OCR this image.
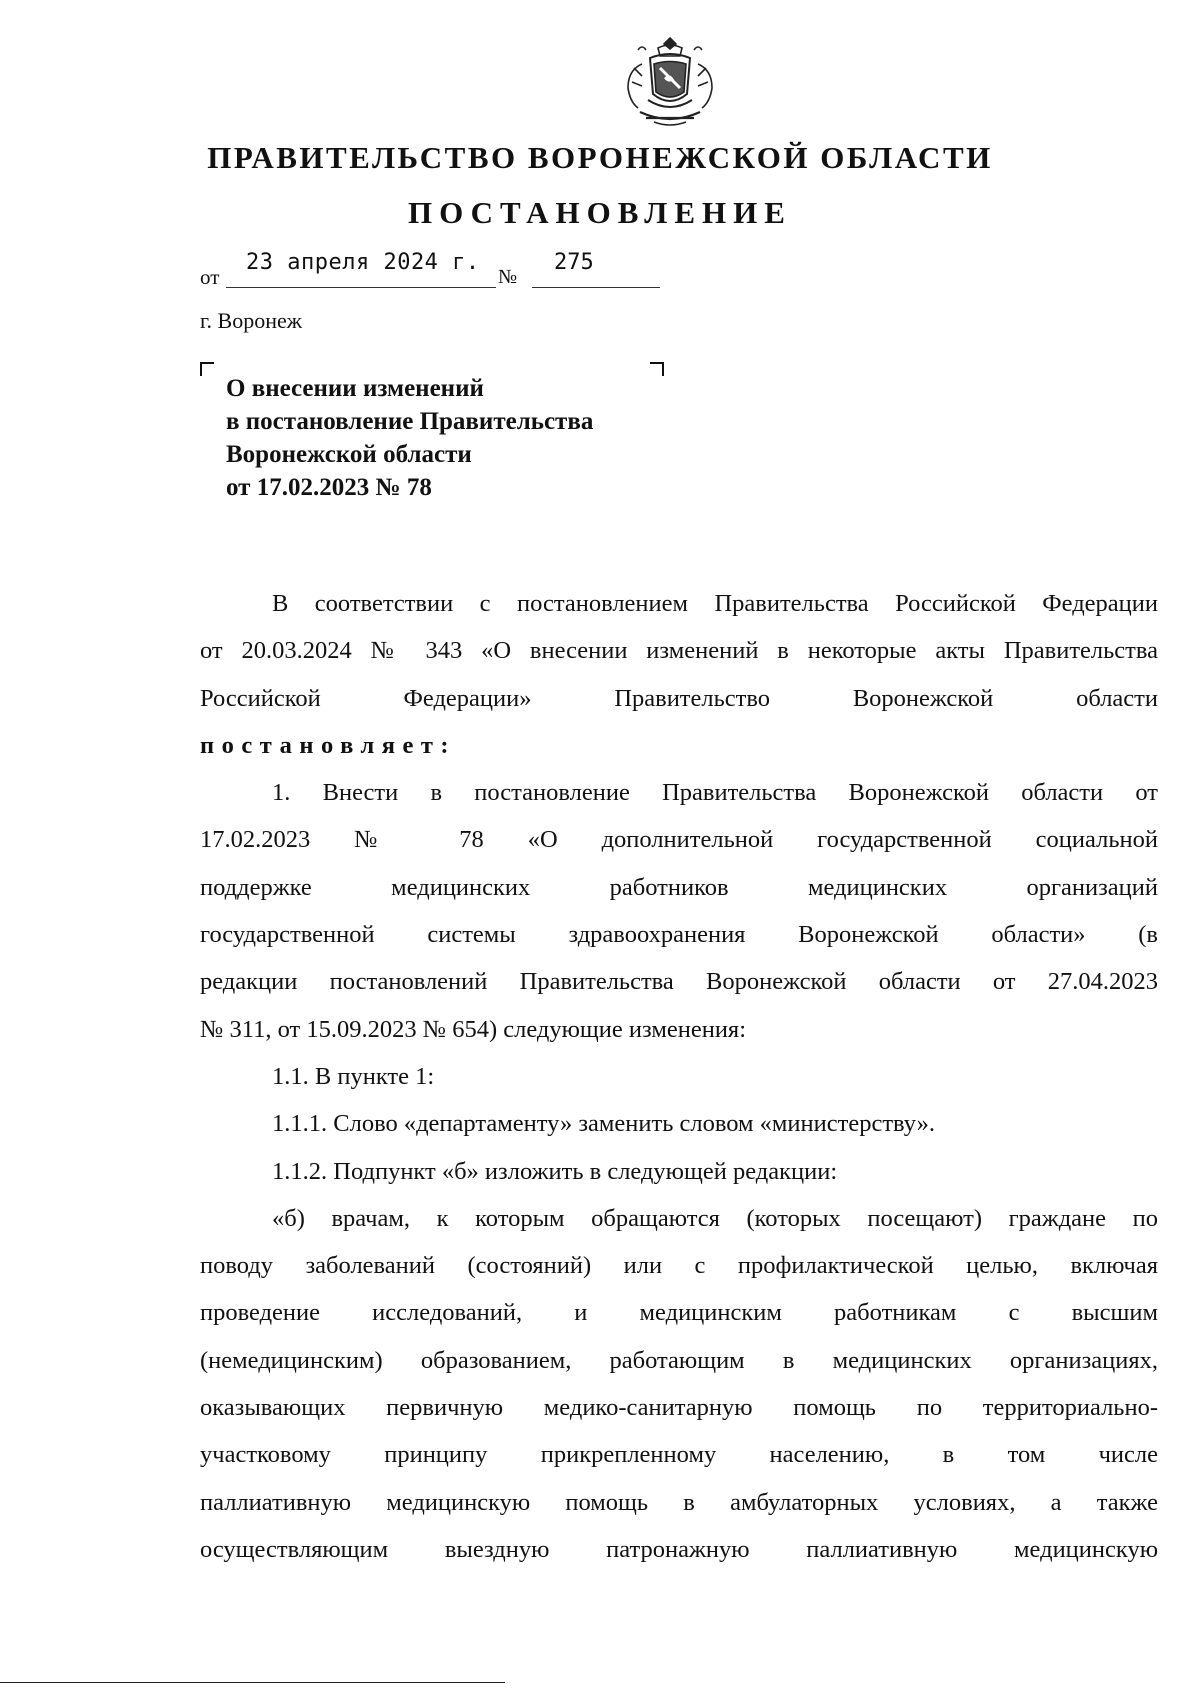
ПРАВИТЕЛЬСТВО ВОРОНЕЖСКОЙ ОБЛАСТИ
ПОСТАНОВЛЕНИЕ
от
23 апреля 2024 г.
№
275
г. Воронеж
О внесении изменений
в постановление Правительства
Воронежской области
от 17.02.2023 № 78
В соответствии с постановлением Правительства Российской Федерации
от 20.03.2024 № 343 «О внесении изменений в некоторые акты Правительства
Российской Федерации» Правительство Воронежской области
постановляет:
1. Внести в постановление Правительства Воронежской области от
17.02.2023 № 78 «О дополнительной государственной социальной
поддержке медицинских работников медицинских организаций
государственной системы здравоохранения Воронежской области» (в
редакции постановлений Правительства Воронежской области от 27.04.2023
№ 311, от 15.09.2023 № 654) следующие изменения:
1.1. В пункте 1:
1.1.1. Слово «департаменту» заменить словом «министерству».
1.1.2. Подпункт «б» изложить в следующей редакции:
«б) врачам, к которым обращаются (которых посещают) граждане по
поводу заболеваний (состояний) или с профилактической целью, включая
проведение исследований, и медицинским работникам с высшим
(немедицинским) образованием, работающим в медицинских организациях,
оказывающих первичную медико-санитарную помощь по территориально-
участковому принципу прикрепленному населению, в том числе
паллиативную медицинскую помощь в амбулаторных условиях, а также
осуществляющим выездную патронажную паллиативную медицинскую
